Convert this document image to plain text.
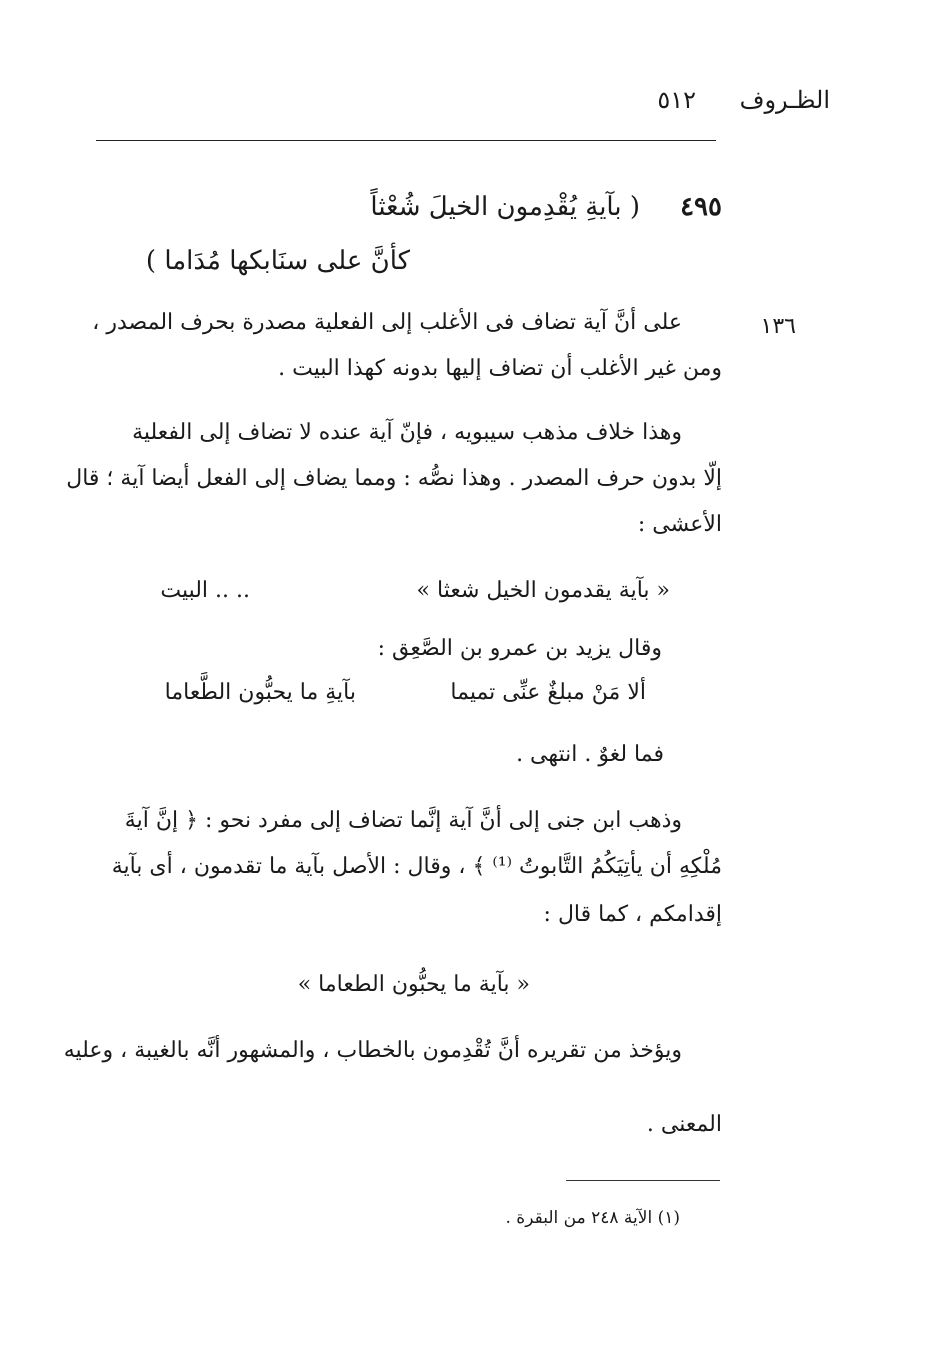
الظـروف
٥١٢
٤٩٥
( بآيةِ يُقْدِمون الخيلَ شُعْثاً
كأنَّ على سنَابكها مُدَاما )
١٣٦
على أنَّ آية تضاف فى الأغلب إلى الفعلية مصدرة بحرف المصدر ،
ومن غير الأغلب أن تضاف إليها بدونه كهذا البيت .
وهذا خلاف مذهب سيبويه ، فإنّ آية عنده لا تضاف إلى الفعلية
إلّا بدون حرف المصدر . وهذا نصُّه : ومما يضاف إلى الفعل أيضا آية ؛ قال
الأعشى :
« بآية يقدمون الخيل شعثا »
.. .. البيت
وقال يزيد بن عمرو بن الصَّعِق :
ألا مَنْ مبلغٌ عنِّى تميما
بآيةِ ما يحبُّون الطَّعاما
فما لغوٌ . انتهى .
وذهب ابن جنى إلى أنَّ آية إنَّما تضاف إلى مفرد نحو : ﴿ إنَّ آيةَ
مُلْكِهِ أن يأتِيَكُمُ التَّابوتُ ⁽¹⁾ ﴾ ، وقال : الأصل بآية ما تقدمون ، أى بآية
إقدامكم ، كما قال :
« بآية ما يحبُّون الطعاما »
ويؤخذ من تقريره أنَّ تُقْدِمون بالخطاب ، والمشهور أنَّه بالغيبة ، وعليه
المعنى .
(١) الآية ٢٤٨ من البقرة .
